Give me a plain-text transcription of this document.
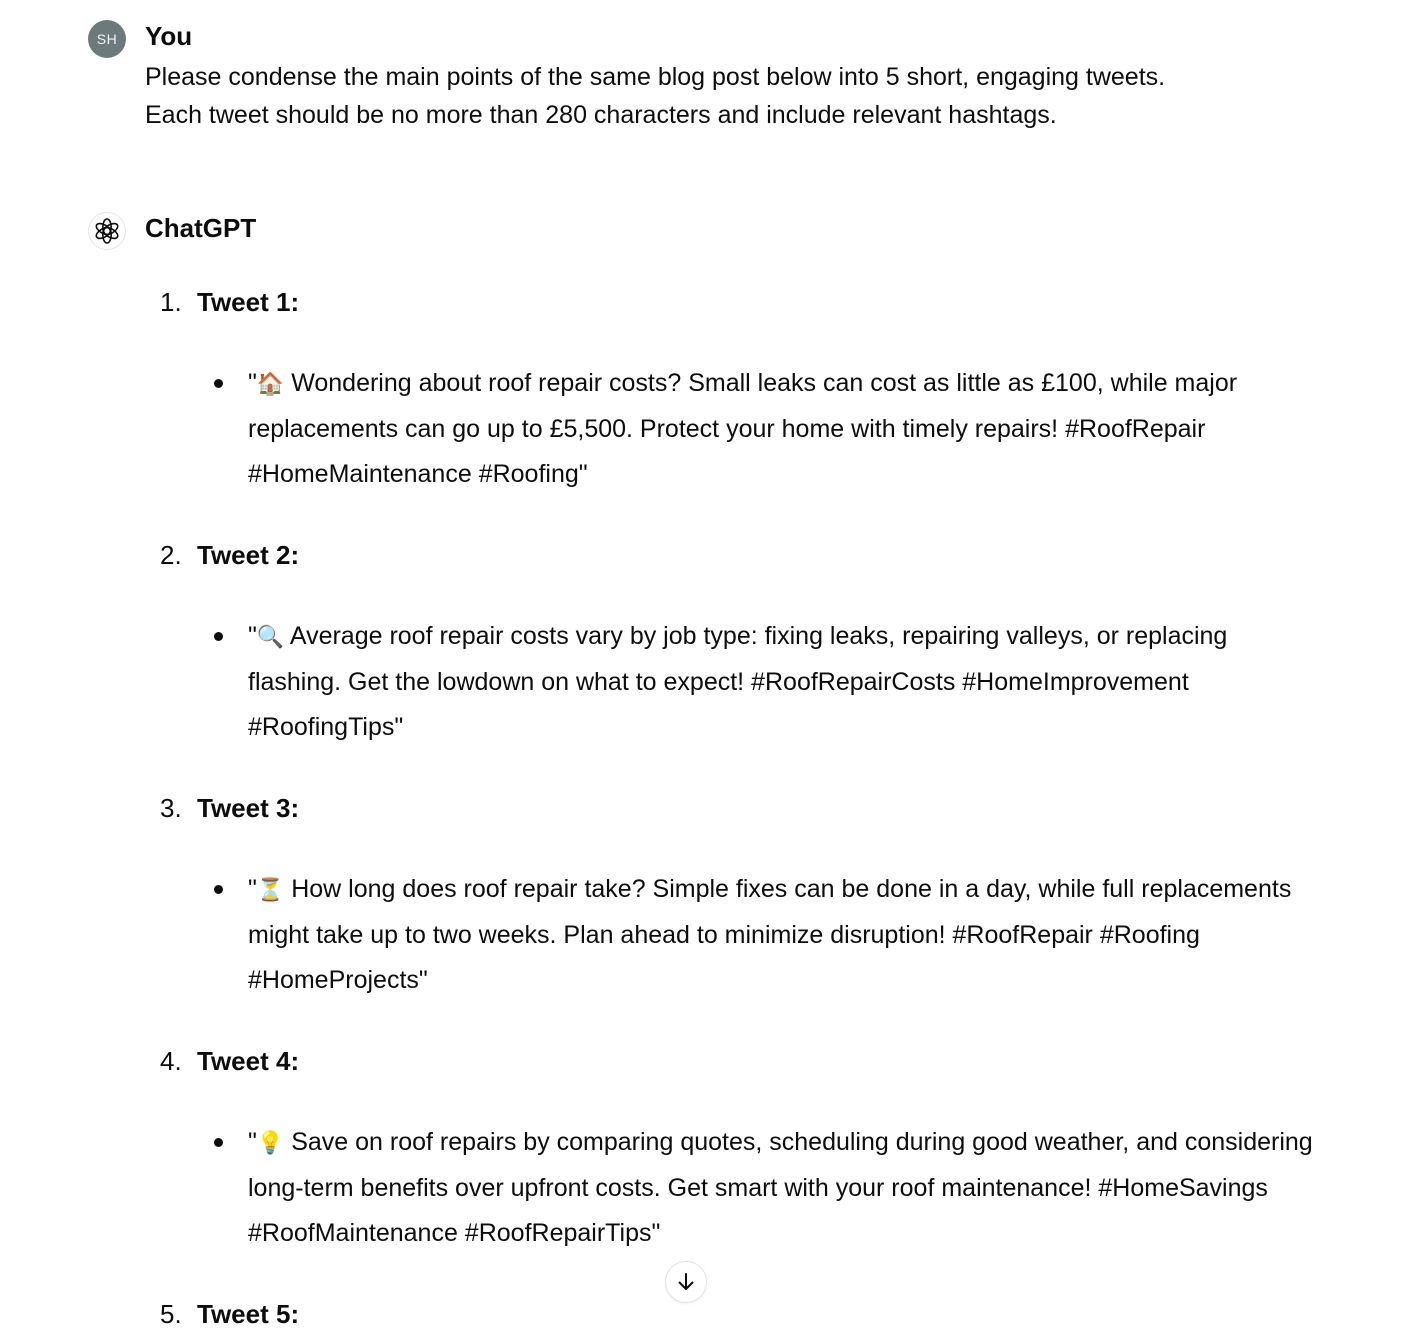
SH You

Please condense the main points of the same blog post below into 5 short, engaging tweets.

Each tweet should be no more than 280 characters and include relevant hashtags.

ChatGPT
1. Tweet 1:
"🏠 Wondering about roof repair costs? Small leaks can cost as little as £100, while major replacements can go up to £5,500. Protect your home with timely repairs! #RoofRepair #HomeMaintenance #Roofing"
2. Tweet 2:
"🔍 Average roof repair costs vary by job type: fixing leaks, repairing valleys, or replacing flashing. Get the lowdown on what to expect! #RoofRepairCosts #HomeImprovement #RoofingTips"
3. Tweet 3:
"⏳ How long does roof repair take? Simple fixes can be done in a day, while full replacements might take up to two weeks. Plan ahead to minimize disruption! #RoofRepair #Roofing #HomeProjects"
4. Tweet 4:
"💡 Save on roof repairs by comparing quotes, scheduling during good weather, and considering long-term benefits over upfront costs. Get smart with your roof maintenance! #HomeSavings #RoofMaintenance #RoofRepairTips"
5. Tweet 5:
